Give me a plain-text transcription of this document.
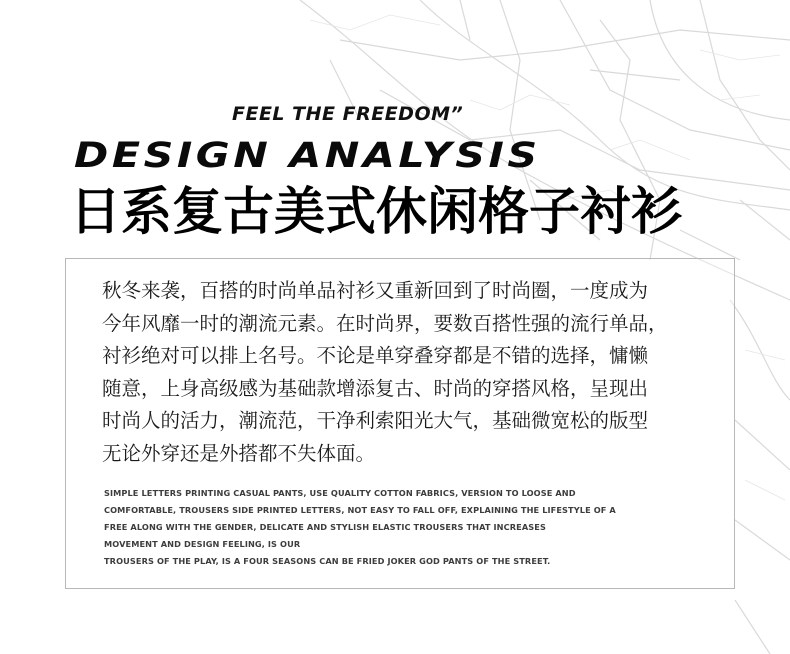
FEEL THE FREEDOM”
DESIGN ANALYSIS
日系复古美式休闲格子衬衫
秋冬来袭，百搭的时尚单品衬衫又重新回到了时尚圈，一度成为
今年风靡一时的潮流元素。在时尚界，要数百搭性强的流行单品，
衬衫绝对可以排上名号。不论是单穿叠穿都是不错的选择，慵懒
随意，上身高级感为基础款增添复古、时尚的穿搭风格，呈现出
时尚人的活力，潮流范，干净利索阳光大气，基础微宽松的版型
无论外穿还是外搭都不失体面。
SIMPLE LETTERS PRINTING CASUAL PANTS, USE QUALITY COTTON FABRICS, VERSION TO LOOSE AND
COMFORTABLE, TROUSERS SIDE PRINTED LETTERS, NOT EASY TO FALL OFF, EXPLAINING THE LIFESTYLE OF A
FREE ALONG WITH THE GENDER, DELICATE AND STYLISH ELASTIC TROUSERS THAT INCREASES
MOVEMENT AND DESIGN FEELING, IS OUR
TROUSERS OF THE PLAY, IS A FOUR SEASONS CAN BE FRIED JOKER GOD PANTS OF THE STREET.
